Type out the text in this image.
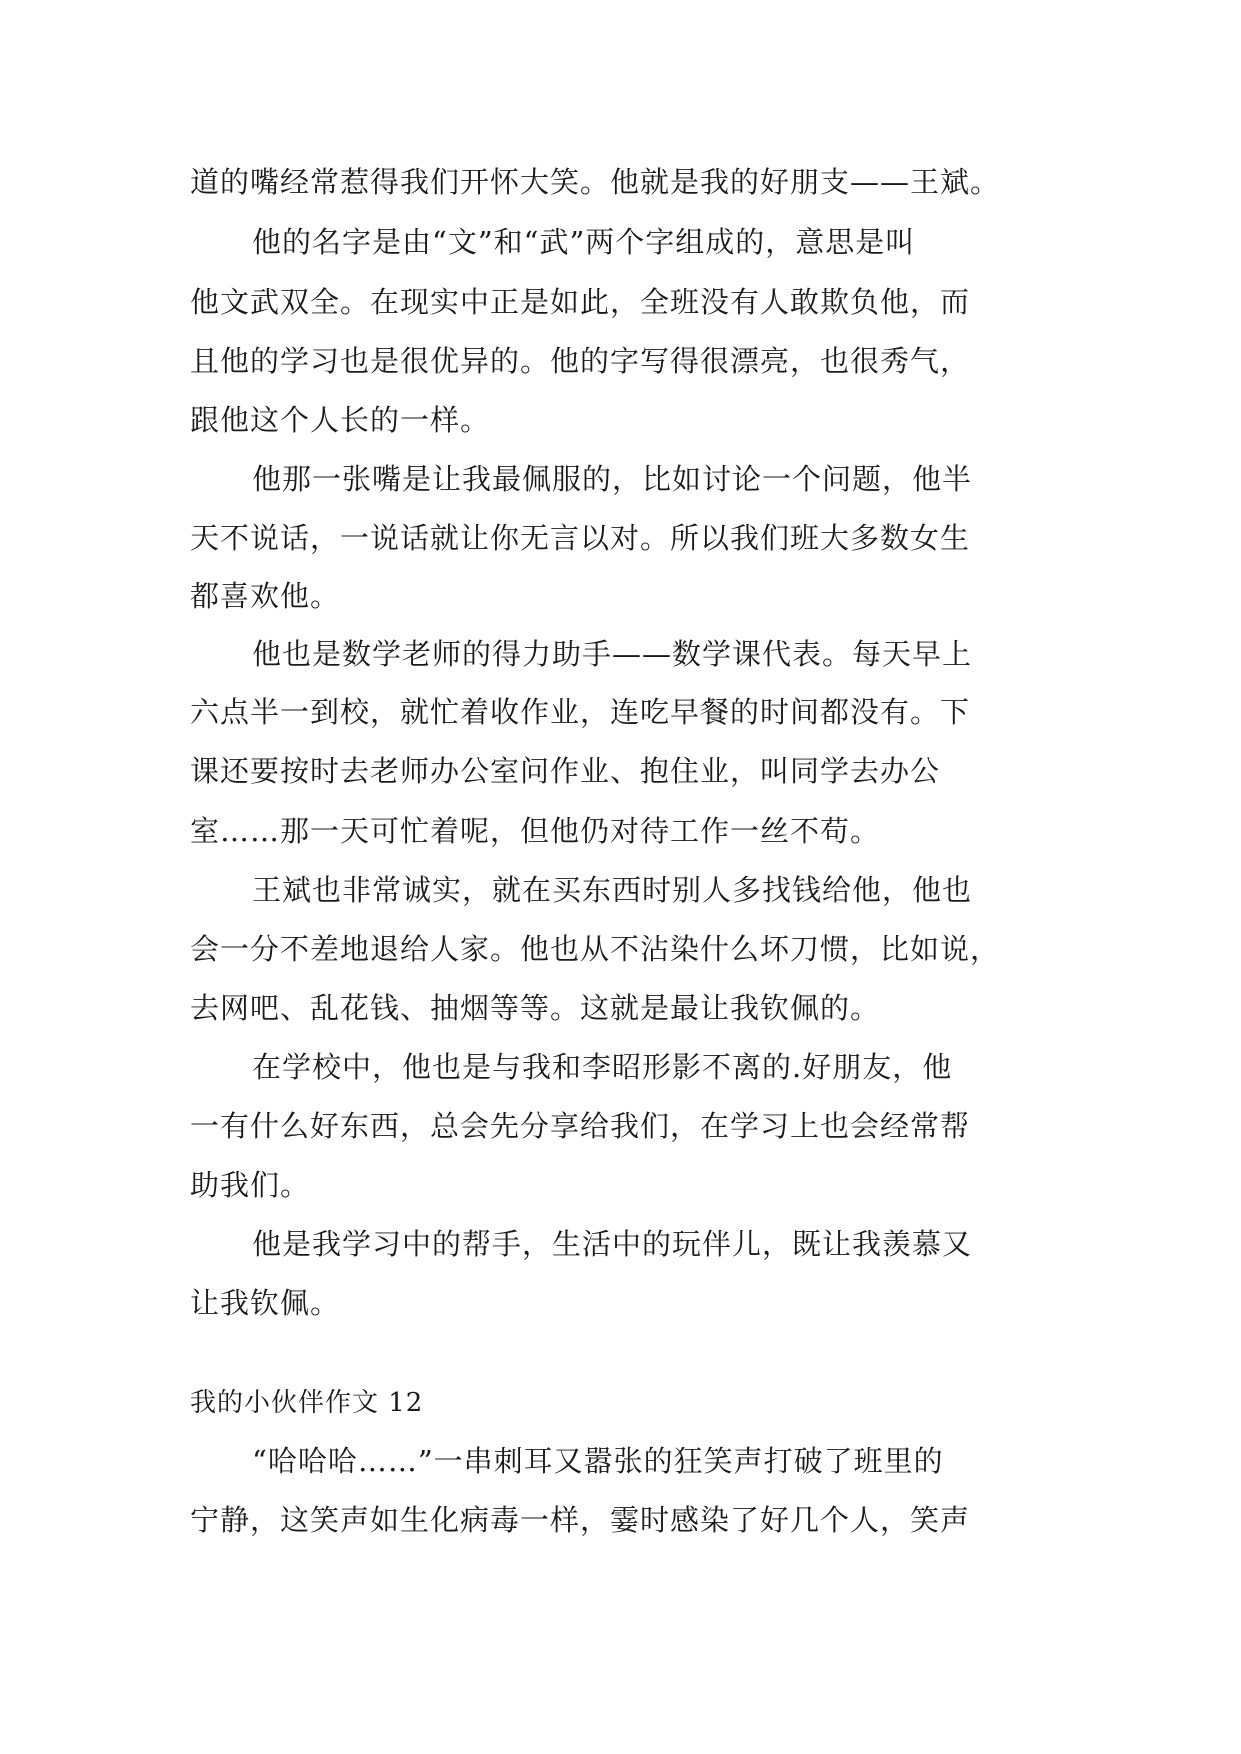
道的嘴经常惹得我们开怀大笑。他就是我的好朋支——王斌。
他的名字是由“文”和“武”两个字组成的，意思是叫
他文武双全。在现实中正是如此，全班没有人敢欺负他，而
且他的学习也是很优异的。他的字写得很漂亮，也很秀气，
跟他这个人长的一样。
他那一张嘴是让我最佩服的，比如讨论一个问题，他半
天不说话，一说话就让你无言以对。所以我们班大多数女生
都喜欢他。
他也是数学老师的得力助手——数学课代表。每天早上
六点半一到校，就忙着收作业，连吃早餐的时间都没有。下
课还要按时去老师办公室问作业、抱住业，叫同学去办公
室……那一天可忙着呢，但他仍对待工作一丝不苟。
王斌也非常诚实，就在买东西时别人多找钱给他，他也
会一分不差地退给人家。他也从不沾染什么坏刀惯，比如说，
去网吧、乱花钱、抽烟等等。这就是最让我钦佩的。
在学校中，他也是与我和李昭形影不离的.好朋友，他
一有什么好东西，总会先分享给我们，在学习上也会经常帮
助我们。
他是我学习中的帮手，生活中的玩伴儿，既让我羡慕又
让我钦佩。
我的小伙伴作文 12
“哈哈哈……”一串刺耳又嚣张的狂笑声打破了班里的
宁静，这笑声如生化病毒一样，霎时感染了好几个人，笑声
